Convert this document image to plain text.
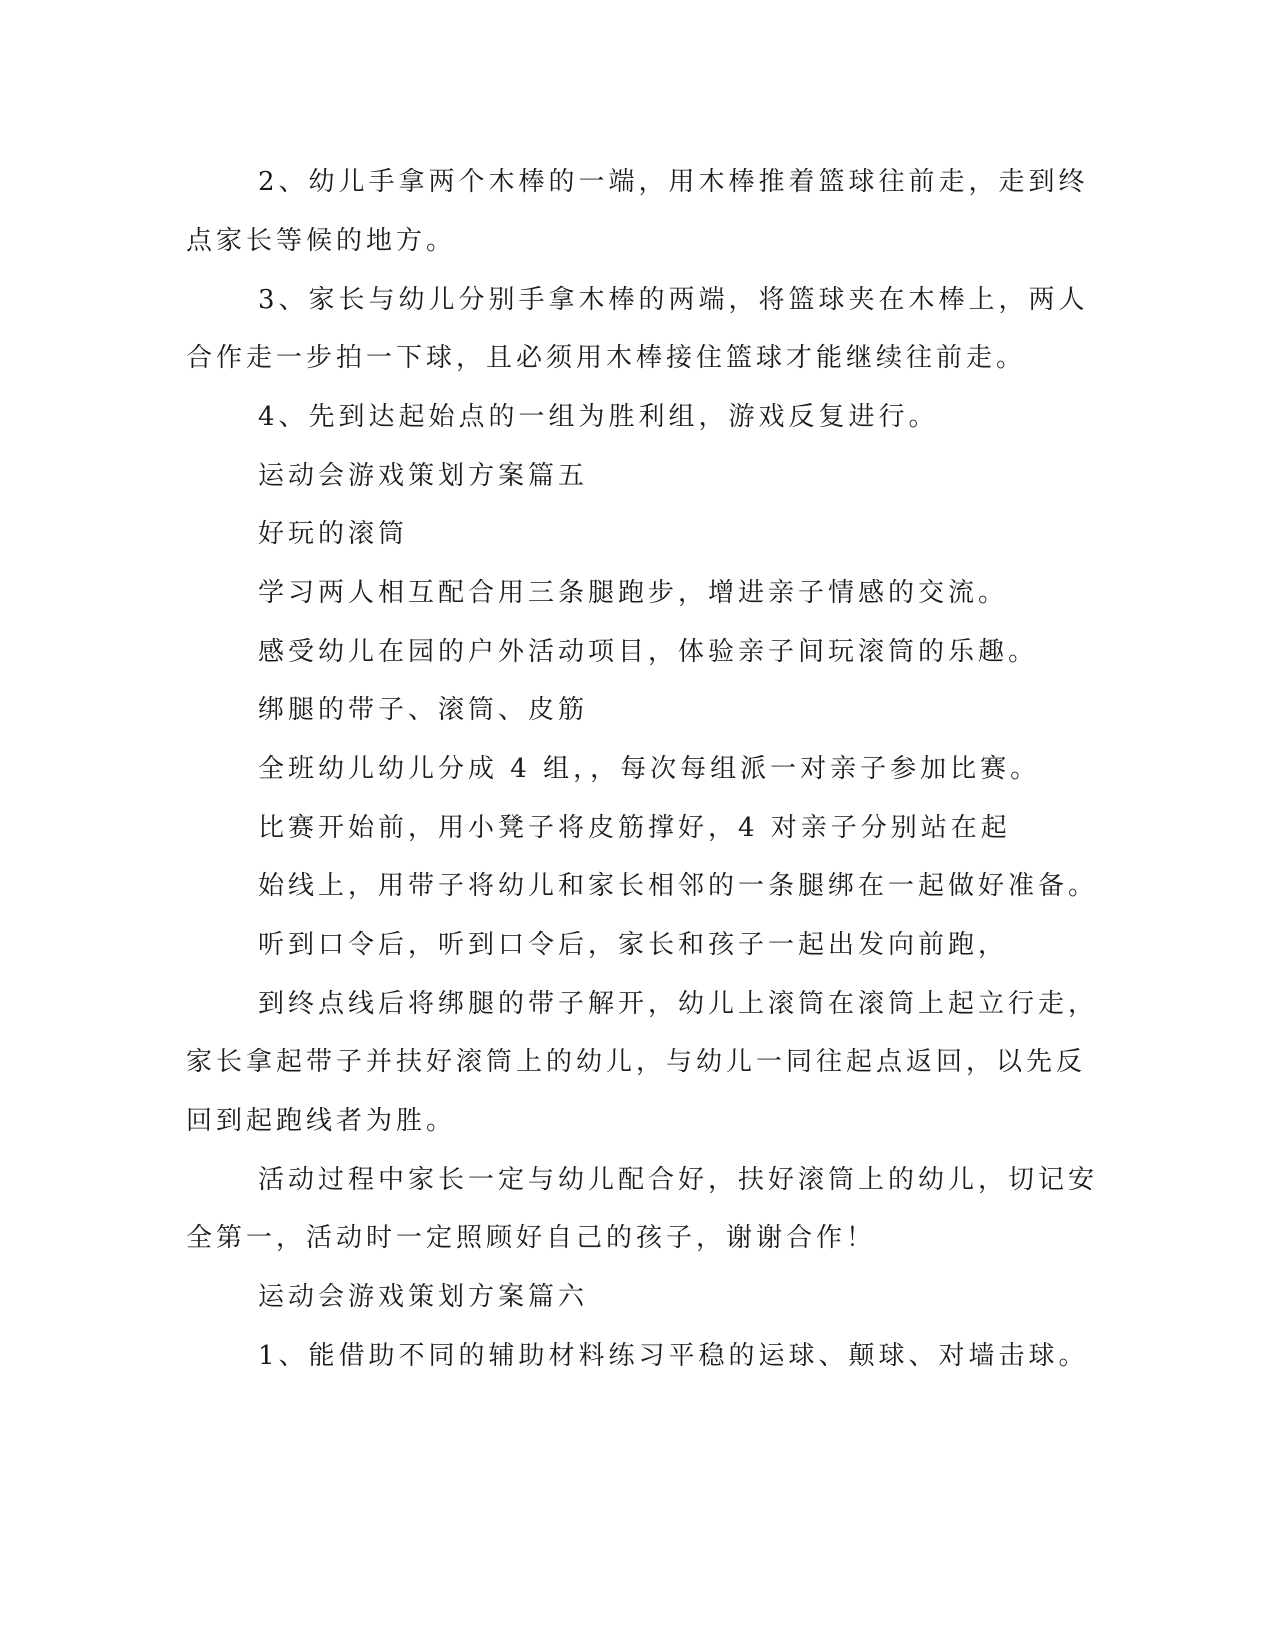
2、幼儿手拿两个木棒的一端，用木棒推着篮球往前走，走到终
点家长等候的地方。
3、家长与幼儿分别手拿木棒的两端，将篮球夹在木棒上，两人
合作走一步拍一下球，且必须用木棒接住篮球才能继续往前走。
4、先到达起始点的一组为胜利组，游戏反复进行。
运动会游戏策划方案篇五
好玩的滚筒
学习两人相互配合用三条腿跑步，增进亲子情感的交流。
感受幼儿在园的户外活动项目，体验亲子间玩滚筒的乐趣。
绑腿的带子、滚筒、皮筋
全班幼儿幼儿分成 4 组，，每次每组派一对亲子参加比赛。
比赛开始前，用小凳子将皮筋撑好，4 对亲子分别站在起
始线上，用带子将幼儿和家长相邻的一条腿绑在一起做好准备。
听到口令后，听到口令后，家长和孩子一起出发向前跑，
到终点线后将绑腿的带子解开，幼儿上滚筒在滚筒上起立行走，
家长拿起带子并扶好滚筒上的幼儿，与幼儿一同往起点返回，以先反
回到起跑线者为胜。
活动过程中家长一定与幼儿配合好，扶好滚筒上的幼儿，切记安
全第一，活动时一定照顾好自己的孩子，谢谢合作！
运动会游戏策划方案篇六
1、能借助不同的辅助材料练习平稳的运球、颠球、对墙击球。
